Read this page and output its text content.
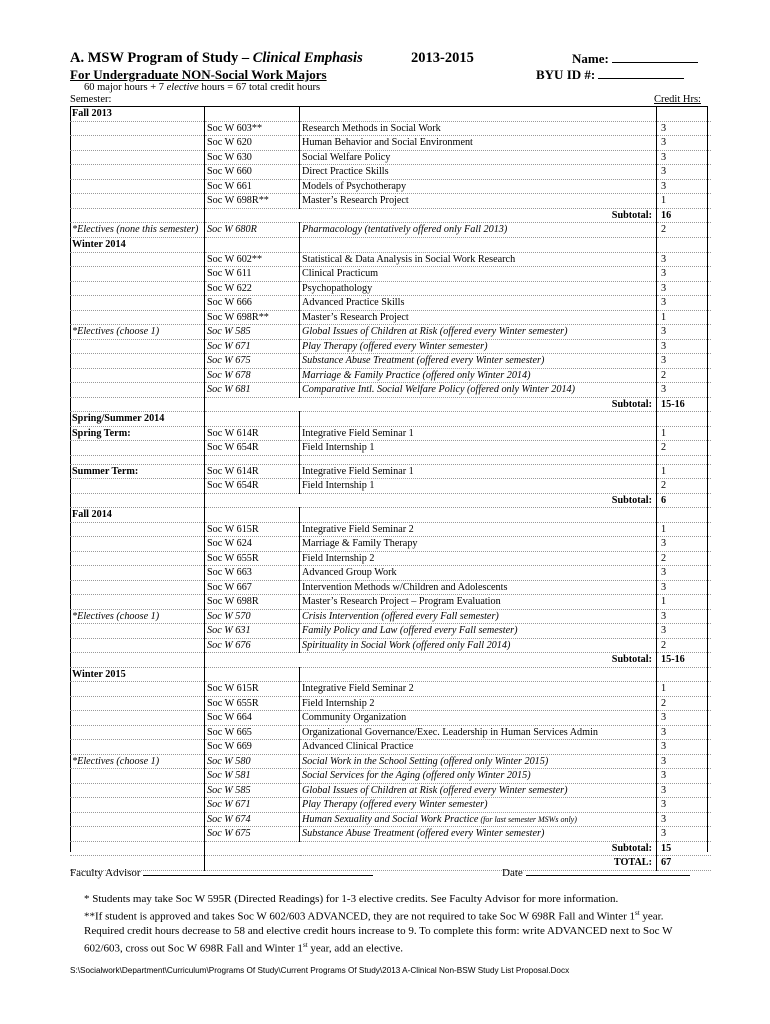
A. MSW Program of Study – Clinical Emphasis	2013-2015	Name:
For Undergraduate NON-Social Work Majors	BYU ID #:
60 major hours + 7 elective hours = 67 total credit hours
Semester:	Credit Hrs:
Fall 2013			
	Soc W 603**	Research Methods in Social Work	3
	Soc W 620	Human Behavior and Social Environment	3
	Soc W 630	Social Welfare Policy	3
	Soc W 660	Direct Practice Skills	3
	Soc W 661	Models of Psychotherapy	3
	Soc W 698R**	Master’s Research Project	1
	Subtotal:		16
*Electives (none this semester)	Soc W 680R	Pharmacology (tentatively offered only Fall 2013)	2
Winter 2014			
	Soc W 602**	Statistical & Data Analysis in Social Work Research	3
	Soc W 611	Clinical Practicum	3
	Soc W 622	Psychopathology	3
	Soc W 666	Advanced Practice Skills	3
	Soc W 698R**	Master’s Research Project	1
*Electives (choose 1)	Soc W 585	Global Issues of Children at Risk (offered every Winter semester)	3
	Soc W 671	Play Therapy (offered every Winter semester)	3
	Soc W 675	Substance Abuse Treatment (offered every Winter semester)	3
	Soc W 678	Marriage & Family Practice (offered only Winter 2014)	2
	Soc W 681	Comparative Intl. Social Welfare Policy (offered only Winter 2014)	3
	Subtotal:		15-16
Spring/Summer 2014			
Spring Term:	Soc W 614R	Integrative Field Seminar 1	1
	Soc W 654R	Field Internship 1	2

Summer Term:	Soc W 614R	Integrative Field Seminar 1	1
	Soc W 654R	Field Internship 1	2
	Subtotal:		6
Fall 2014			
	Soc W 615R	Integrative Field Seminar 2	1
	Soc W 624	Marriage & Family Therapy	3
	Soc W 655R	Field Internship 2	2
	Soc W 663	Advanced Group Work	3
	Soc W 667	Intervention Methods w/Children and Adolescents	3
	Soc W 698R	Master’s Research Project – Program Evaluation	1
*Electives (choose 1)	Soc W 570	Crisis Intervention (offered every Fall semester)	3
	Soc W 631	Family Policy and Law (offered every Fall semester)	3
	Soc W 676	Spirituality in Social Work (offered only Fall 2014)	2
	Subtotal:		15-16
Winter 2015			
	Soc W 615R	Integrative Field Seminar 2	1
	Soc W 655R	Field Internship 2	2
	Soc W 664	Community Organization	3
	Soc W 665	Organizational Governance/Exec. Leadership in Human Services Admin	3
	Soc W 669	Advanced Clinical Practice	3
*Electives (choose 1)	Soc W 580	Social Work in the School Setting (offered only Winter 2015)	3
	Soc W 581	Social Services for the Aging (offered only Winter 2015)	3
	Soc W 585	Global Issues of Children at Risk (offered every Winter semester)	3
	Soc W 671	Play Therapy (offered every Winter semester)	3
	Soc W 674	Human Sexuality and Social Work Practice (for last semester MSWs only)	3
	Soc W 675	Substance Abuse Treatment (offered every Winter semester)	3
	Subtotal:		15
	TOTAL:		67
Faculty Advisor	Date

* Students may take Soc W 595R (Directed Readings) for 1-3 elective credits. See Faculty Advisor for more information.

**If student is approved and takes Soc W 602/603 ADVANCED, they are not required to take Soc W 698R Fall and Winter 1st year. Required credit hours decrease to 58 and elective credit hours increase to 9. To complete this form: write ADVANCED next to Soc W 602/603, cross out Soc W 698R Fall and Winter 1st year, add an elective.

S:\Socialwork\Department\Curriculum\Programs Of Study\Current Programs Of Study\2013 A-Clinical Non-BSW Study List Proposal.Docx
